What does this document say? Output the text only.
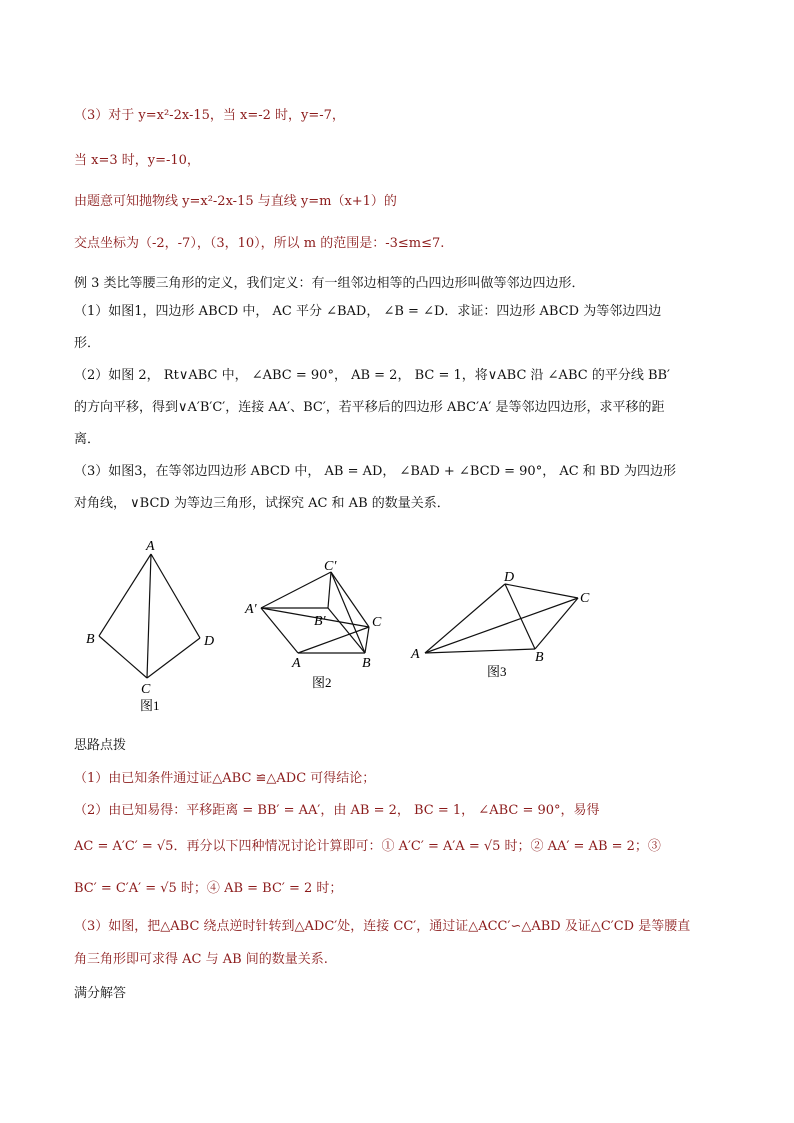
（3）对于 y=x²-2x-15，当 x=-2 时，y=-7，
当 x=3 时，y=-10，
由题意可知抛物线 y=x²-2x-15 与直线 y=m（x+1）的
交点坐标为（-2，-7），（3，10），所以 m 的范围是：-3≤m≤7.
例 3 类比等腰三角形的定义，我们定义：有一组邻边相等的凸四边形叫做等邻边四边形．
（1）如图1，四边形 ABCD 中， AC 平分 ∠BAD， ∠B = ∠D．求证：四边形 ABCD 为等邻边四边
形．
（2）如图 2， Rt∨ABC 中， ∠ABC = 90°， AB = 2， BC = 1，将∨ABC 沿 ∠ABC 的平分线 BB′
的方向平移，得到∨A′B′C′，连接 AA′、BC′，若平移后的四边形 ABC′A′ 是等邻边四边形，求平移的距
离．
（3）如图3，在等邻边四边形 ABCD 中， AB = AD， ∠BAD + ∠BCD = 90°， AC 和 BD 为四边形
对角线， ∨BCD 为等边三角形，试探究 AC 和 AB 的数量关系．
A
B	D
C
图1
C′
A′
B′	C
A	B
图2
D
C
A	B
图3
思路点拨
（1）由已知条件通过证△ABC ≌△ADC 可得结论；
（2）由已知易得：平移距离 = BB′ = AA′，由 AB = 2， BC = 1， ∠ABC = 90°，易得
AC = A′C′ = √5．再分以下四种情况讨论计算即可：① A′C′ = A′A = √5 时；② AA′ = AB = 2；③
BC′ = C′A′ = √5 时；④ AB = BC′ = 2 时；
（3）如图，把△ABC 绕点逆时针转到△ADC′处，连接 CC′，通过证△ACC′∽△ABD 及证△C′CD 是等腰直
角三角形即可求得 AC 与 AB 间的数量关系.
满分解答
